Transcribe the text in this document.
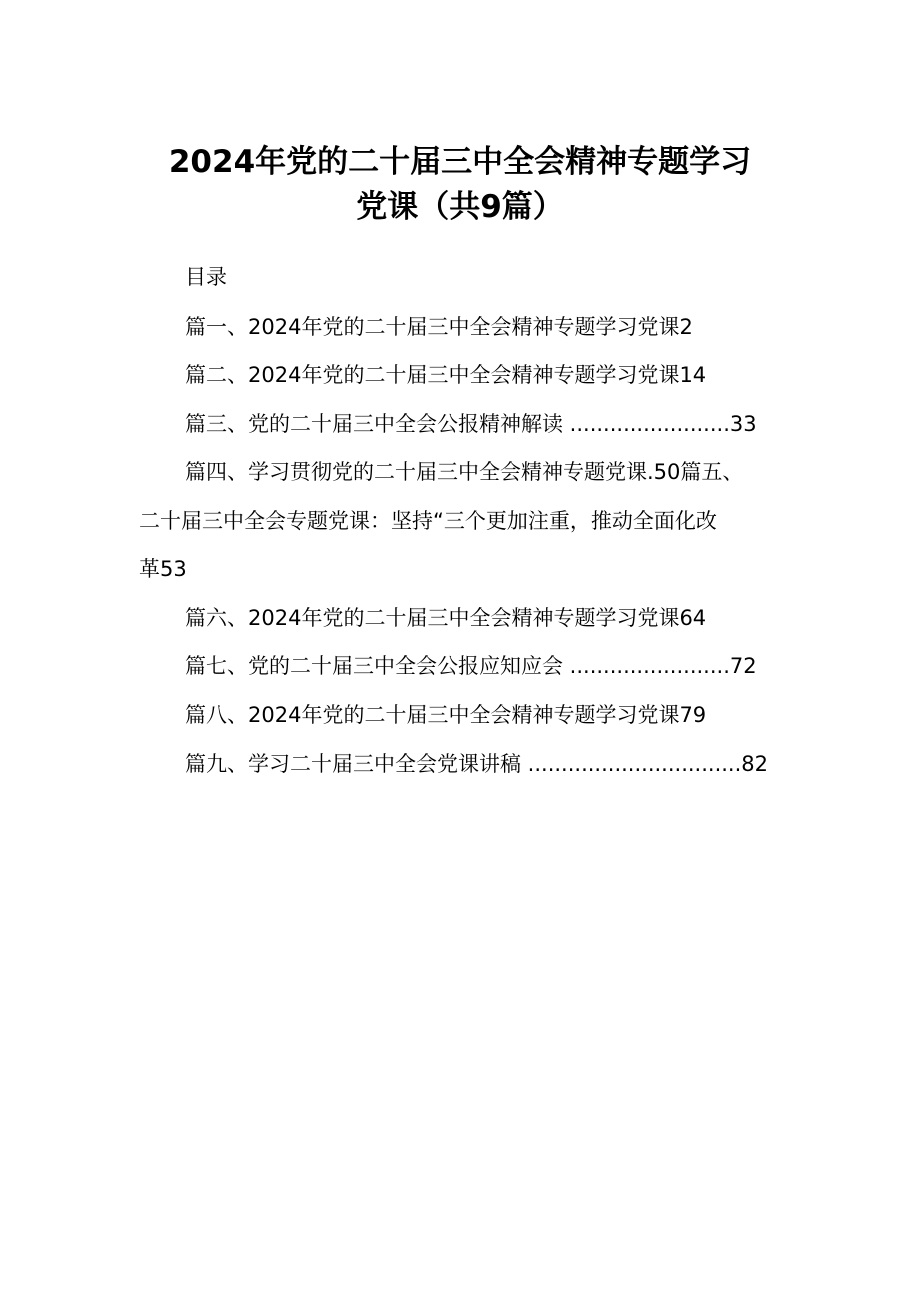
2024年党的二十届三中全会精神专题学习
党课（共9篇）
目录
篇一、2024年党的二十届三中全会精神专题学习党课2
篇二、2024年党的二十届三中全会精神专题学习党课14
篇三、党的二十届三中全会公报精神解读 ........................33
篇四、学习贯彻党的二十届三中全会精神专题党课.50篇五、
二十届三中全会专题党课：坚持“三个更加注重，推动全面化改
革53
篇六、2024年党的二十届三中全会精神专题学习党课64
篇七、党的二十届三中全会公报应知应会 ........................72
篇八、2024年党的二十届三中全会精神专题学习党课79
篇九、学习二十届三中全会党课讲稿 ................................82
